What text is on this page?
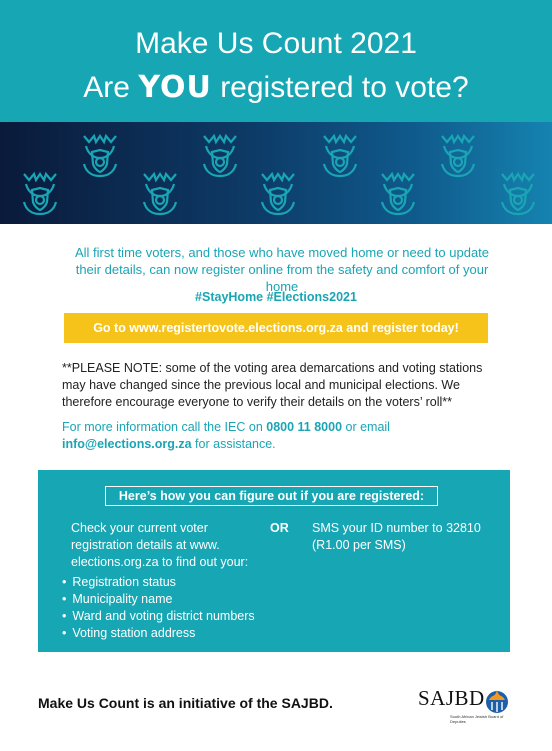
Make Us Count 2021
Are YOU registered to vote?
All first time voters, and those who have moved home or need to update their details, can now register online from the safety and comfort of your home
#StayHome #Elections2021
Go to www.registertovote.elections.org.za and register today!
**PLEASE NOTE: some of the voting area demarcations and voting stations may have changed since the previous local and municipal elections. We therefore encourage everyone to verify their details on the voters’ roll**
For more information call the IEC on 0800 11 8000 or email info@elections.org.za for assistance.
Here’s how you can figure out if you are registered:
Check your current voter registration details at www. elections.org.za to find out your:
OR SMS your ID number to 32810 (R1.00 per SMS)
• Registration status
• Municipality name
• Ward and voting district numbers
• Voting station address
Make Us Count is an initiative of the SAJBD.	SAJBD
South African Jewish Board of Deputies
